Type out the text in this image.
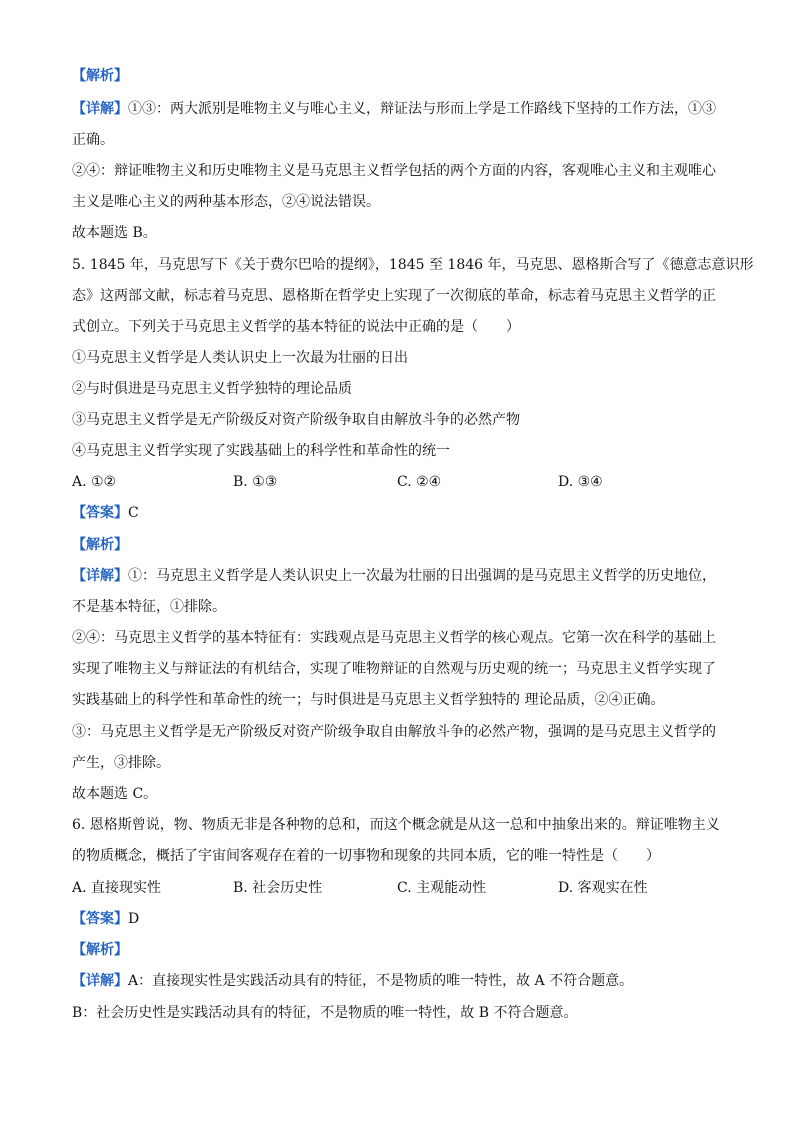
【解析】
【详解】①③：两大派别是唯物主义与唯心主义，辩证法与形而上学是工作路线下坚持的工作方法，①③
正确。
②④：辩证唯物主义和历史唯物主义是马克思主义哲学包括的两个方面的内容，客观唯心主义和主观唯心
主义是唯心主义的两种基本形态，②④说法错误。
故本题选 B。
5. 1845 年，马克思写下《关于费尔巴哈的提纲》，1845 至 1846 年，马克思、恩格斯合写了《德意志意识形
态》这两部文献，标志着马克思、恩格斯在哲学史上实现了一次彻底的革命，标志着马克思主义哲学的正
式创立。下列关于马克思主义哲学的基本特征的说法中正确的是（　　）
①马克思主义哲学是人类认识史上一次最为壮丽的日出
②与时俱进是马克思主义哲学独特的理论品质
③马克思主义哲学是无产阶级反对资产阶级争取自由解放斗争的必然产物
④马克思主义哲学实现了实践基础上的科学性和革命性的统一
A. ①②	B. ①③	C. ②④	D. ③④
【答案】C
【解析】
【详解】①：马克思主义哲学是人类认识史上一次最为壮丽的日出强调的是马克思主义哲学的历史地位，
不是基本特征，①排除。
②④：马克思主义哲学的基本特征有：实践观点是马克思主义哲学的核心观点。它第一次在科学的基础上
实现了唯物主义与辩证法的有机结合，实现了唯物辩证的自然观与历史观的统一；马克思主义哲学实现了
实践基础上的科学性和革命性的统一；与时俱进是马克思主义哲学独特的 理论品质，②④正确。
③：马克思主义哲学是无产阶级反对资产阶级争取自由解放斗争的必然产物，强调的是马克思主义哲学的
产生，③排除。
故本题选 C。
6. 恩格斯曾说，物、物质无非是各种物的总和，而这个概念就是从这一总和中抽象出来的。辩证唯物主义
的物质概念，概括了宇宙间客观存在着的一切事物和现象的共同本质，它的唯一特性是（　　）
A. 直接现实性	B. 社会历史性	C. 主观能动性	D. 客观实在性
【答案】D
【解析】
【详解】A：直接现实性是实践活动具有的特征，不是物质的唯一特性，故 A 不符合题意。
B：社会历史性是实践活动具有的特征，不是物质的唯一特性，故 B 不符合题意。
